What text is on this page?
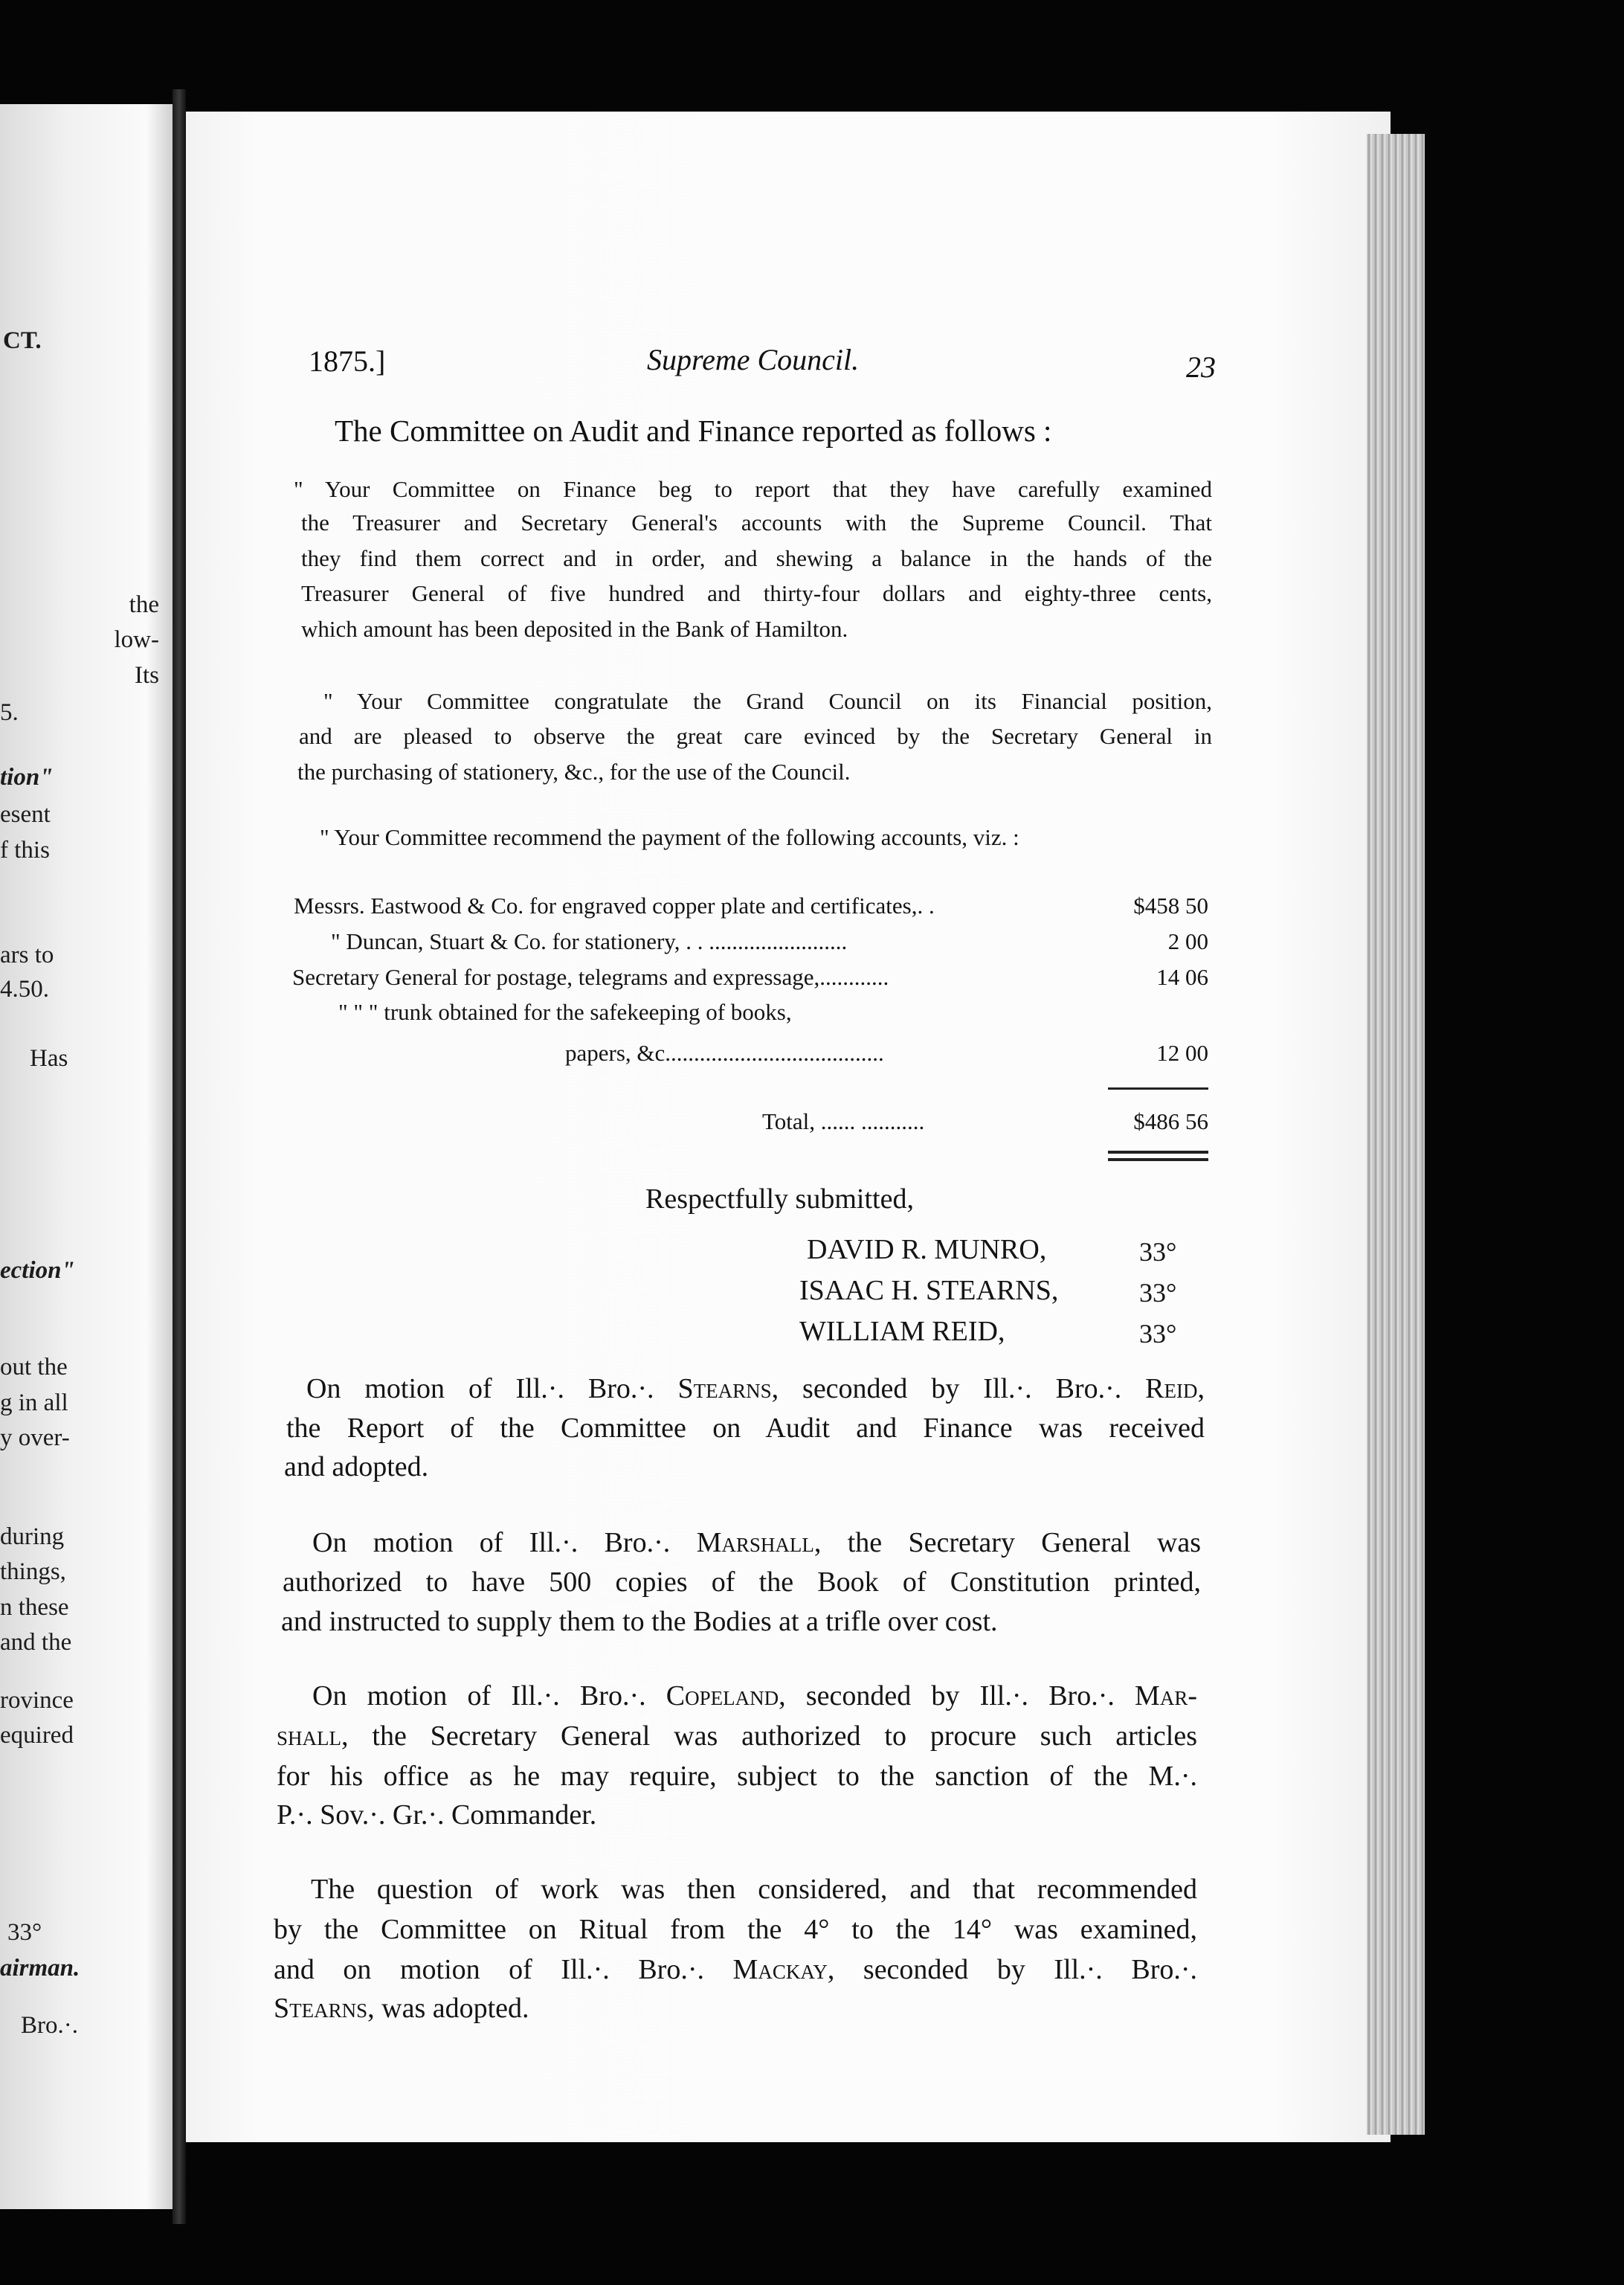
CT.
the
low-
Its
5.
tion"
esent
f this
ars to
4.50.
Has
ection"
out the
g in all
y over-
during
things,
n these
and the
rovince
equired
33°
airman.
Bro.·.
1875.]	Supreme Council.	23
The Committee on Audit and Finance reported as follows :
" Your Committee on Finance beg to report that they have carefully examined
the Treasurer and Secretary General's accounts with the Supreme Council. That
they find them correct and in order, and shewing a balance in the hands of the
Treasurer General of five hundred and thirty-four dollars and eighty-three cents,
which amount has been deposited in the Bank of Hamilton.
" Your Committee congratulate the Grand Council on its Financial position,
and are pleased to observe the great care evinced by the Secretary General in
the purchasing of stationery, &c., for the use of the Council.
" Your Committee recommend the payment of the following accounts, viz. :
Messrs. Eastwood & Co. for engraved copper plate and certificates,. .	$458 50
" Duncan, Stuart & Co. for stationery, . . ........................	2 00
Secretary General for postage, telegrams and expressage,............	14 06
" " " trunk obtained for the safekeeping of books,
papers, &c......................................	12 00
Total, ...... ...........	$486 56
Respectfully submitted,
DAVID R. MUNRO,	33°
ISAAC H. STEARNS,	33°
WILLIAM REID,	33°
On motion of Ill.·. Bro.·. Stearns, seconded by Ill.·. Bro.·. Reid,
the Report of the Committee on Audit and Finance was received
and adopted.
On motion of Ill.·. Bro.·. Marshall, the Secretary General was
authorized to have 500 copies of the Book of Constitution printed,
and instructed to supply them to the Bodies at a trifle over cost.
On motion of Ill.·. Bro.·. Copeland, seconded by Ill.·. Bro.·. Mar-
shall, the Secretary General was authorized to procure such articles
for his office as he may require, subject to the sanction of the M.·.
P.·. Sov.·. Gr.·. Commander.
The question of work was then considered, and that recommended
by the Committee on Ritual from the 4° to the 14° was examined,
and on motion of Ill.·. Bro.·. Mackay, seconded by Ill.·. Bro.·.
Stearns, was adopted.
